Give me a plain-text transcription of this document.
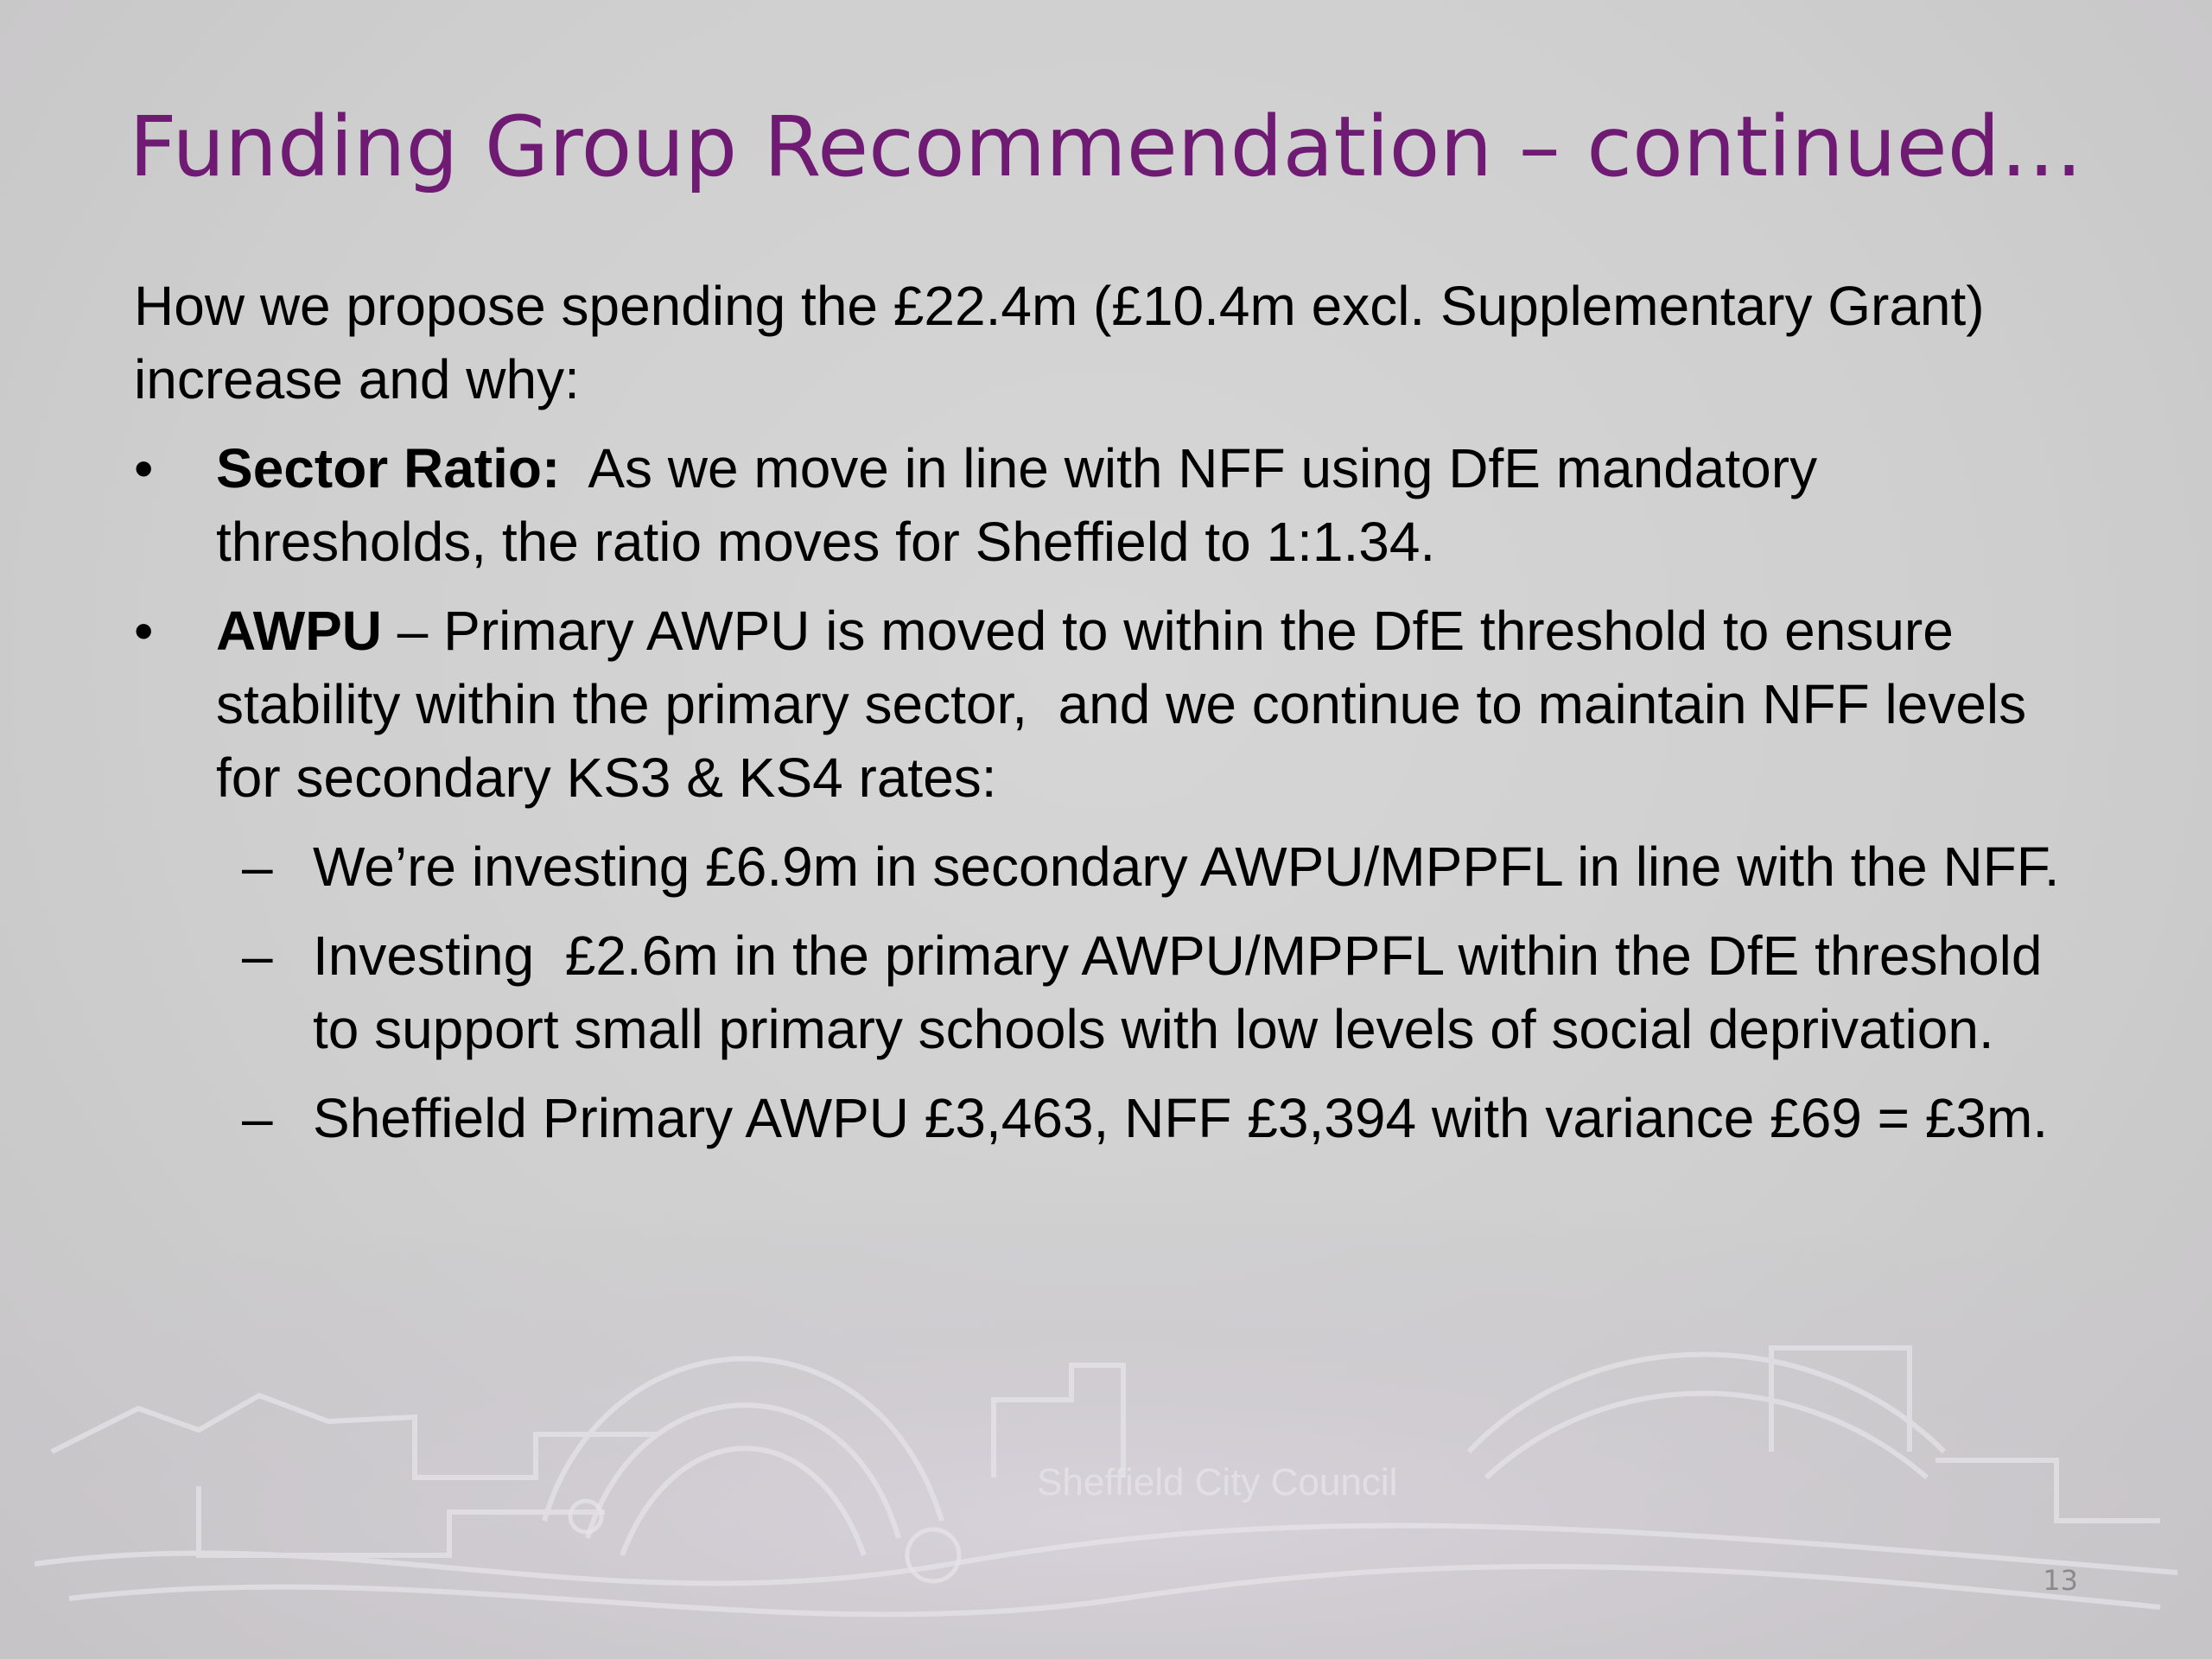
Sheffield City Council
Funding Group Recommendation – continued…

How we propose spending the £22.4m (£10.4m excl. Supplementary Grant) increase and why:

• Sector Ratio:  As we move in line with NFF using DfE mandatory thresholds, the ratio moves for Sheffield to 1:1.34.
• AWPU – Primary AWPU is moved to within the DfE threshold to ensure stability within the primary sector,  and we continue to maintain NFF levels for secondary KS3 & KS4 rates:
– We’re investing £6.9m in secondary AWPU/MPPFL in line with the NFF.
– Investing  £2.6m in the primary AWPU/MPPFL within the DfE threshold to support small primary schools with low levels of social deprivation.
– Sheffield Primary AWPU £3,463, NFF £3,394 with variance £69 = £3m.
13
